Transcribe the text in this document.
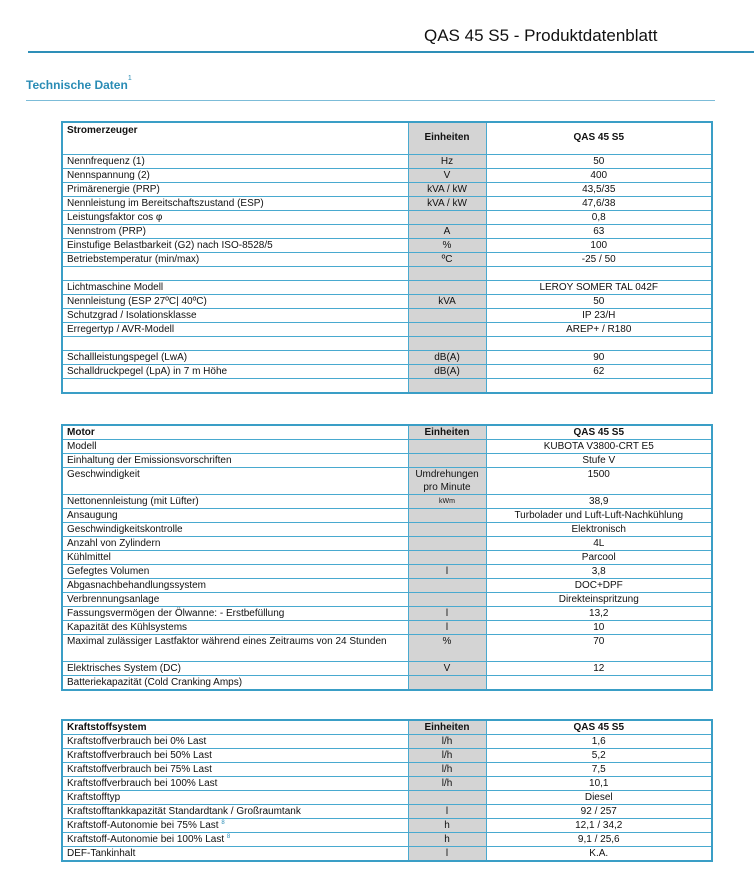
QAS 45 S5 - Produktdatenblatt
Technische Daten$^1$
Stromerzeuger	Einheiten	QAS 45 S5
Nennfrequenz (1)	Hz	50
Nennspannung (2)	V	400
Primärenergie (PRP)	kVA / kW	43,5/35
Nennleistung im Bereitschaftszustand (ESP)	kVA / kW	47,6/38
Leistungsfaktor cos φ		0,8
Nennstrom (PRP)	A	63
Einstufige Belastbarkeit (G2) nach ISO-8528/5	%	100
Betriebstemperatur (min/max)	ºC	-25 / 50

Lichtmaschine Modell		LEROY SOMER TAL 042F
Nennleistung (ESP 27ºC| 40ºC)	kVA	50
Schutzgrad / Isolationsklasse		IP 23/H
Erregertyp / AVR-Modell		AREP+ / R180

Schallleistungspegel (LwA)	dB(A)	90
Schalldruckpegel (LpA) in 7 m Höhe	dB(A)	62

Motor	Einheiten	QAS 45 S5
Modell		KUBOTA V3800-CRT E5
Einhaltung der Emissionsvorschriften		Stufe V
Geschwindigkeit	Umdrehungen pro Minute	1500
Nettonennleistung (mit Lüfter)	kWm	38,9
Ansaugung		Turbolader und Luft-Luft-Nachkühlung
Geschwindigkeitskontrolle		Elektronisch
Anzahl von Zylindern		4L
Kühlmittel		Parcool
Gefegtes Volumen	l	3,8
Abgasnachbehandlungssystem		DOC+DPF
Verbrennungsanlage		Direkteinspritzung
Fassungsvermögen der Ölwanne: - Erstbefüllung	l	13,2
Kapazität des Kühlsystems	l	10
Maximal zulässiger Lastfaktor während eines Zeitraums von 24 Stunden	%	70
Elektrisches System (DC)	V	12
Batteriekapazität (Cold Cranking Amps)		
Kraftstoffsystem	Einheiten	QAS 45 S5
Kraftstoffverbrauch bei 0% Last	l/h	1,6
Kraftstoffverbrauch bei 50% Last	l/h	5,2
Kraftstoffverbrauch bei 75% Last	l/h	7,5
Kraftstoffverbrauch bei 100% Last	l/h	10,1
Kraftstofftyp		Diesel
Kraftstofftankkapazität Standardtank / Großraumtank	l	92 / 257
Kraftstoff-Autonomie bei 75% Last $^8$	h	12,1 / 34,2
Kraftstoff-Autonomie bei 100% Last $^8$	h	9,1 / 25,6
DEF-Tankinhalt	l	K.A.
